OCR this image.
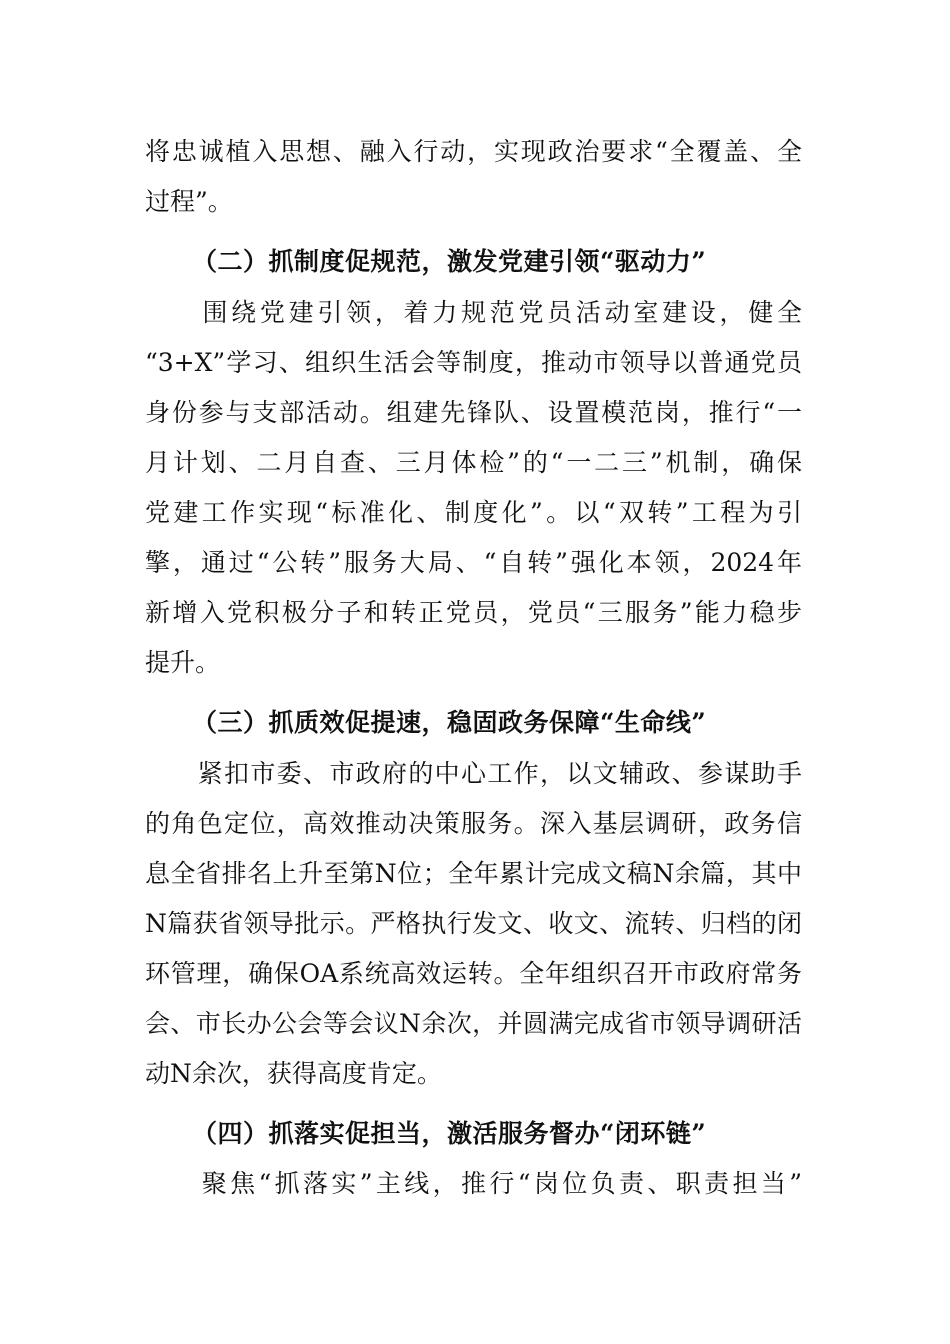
将忠诚植入思想、融入行动，实现政治要求“全覆盖、全
过程”。
（二）抓制度促规范，激发党建引领“驱动力”
　　围绕党建引领，着力规范党员活动室建设，健全
“3+X”学习、组织生活会等制度，推动市领导以普通党员
身份参与支部活动。组建先锋队、设置模范岗，推行“一
月计划、二月自查、三月体检”的“一二三”机制，确保
党建工作实现“标准化、制度化”。以“双转”工程为引
擎，通过“公转”服务大局、“自转”强化本领，2024年
新增入党积极分子和转正党员，党员“三服务”能力稳步
提升。
（三）抓质效促提速，稳固政务保障“生命线”
　　紧扣市委、市政府的中心工作，以文辅政、参谋助手
的角色定位，高效推动决策服务。深入基层调研，政务信
息全省排名上升至第N位；全年累计完成文稿N余篇，其中
N篇获省领导批示。严格执行发文、收文、流转、归档的闭
环管理，确保OA系统高效运转。全年组织召开市政府常务
会、市长办公会等会议N余次，并圆满完成省市领导调研活
动N余次，获得高度肯定。
（四）抓落实促担当，激活服务督办“闭环链”
　　聚焦“抓落实”主线，推行“岗位负责、职责担当”
